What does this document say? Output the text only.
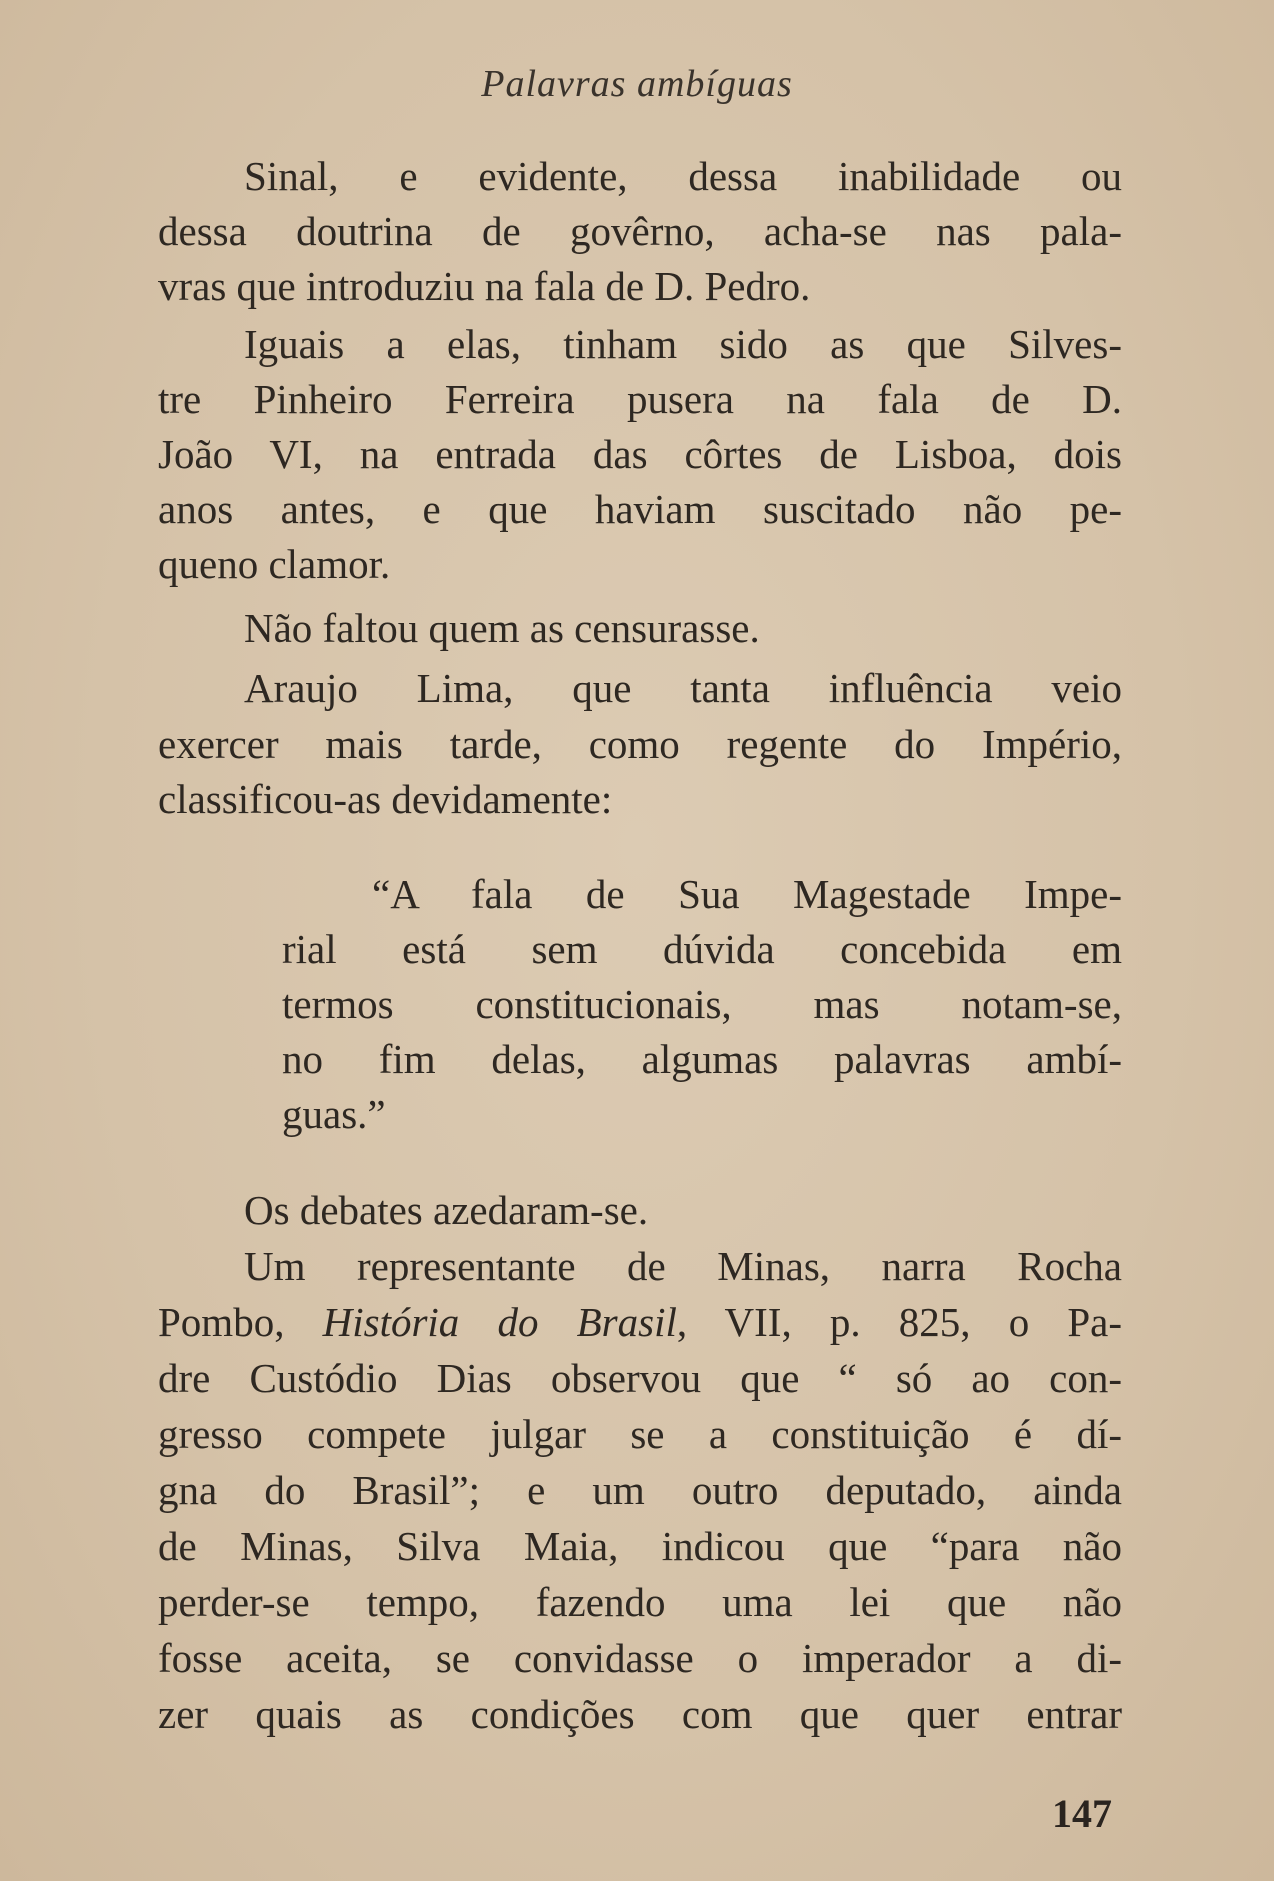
Palavras ambíguas
Sinal, e evidente, dessa inabilidade ou
dessa doutrina de govêrno, acha-se nas pala-
vras que introduziu na fala de D. Pedro.
Iguais a elas, tinham sido as que Silves-
tre Pinheiro Ferreira pusera na fala de D.
João VI, na entrada das côrtes de Lisboa, dois
anos antes, e que haviam suscitado não pe-
queno clamor.
Não faltou quem as censurasse.
Araujo Lima, que tanta influência veio
exercer mais tarde, como regente do Império,
classificou-as devidamente:
“A fala de Sua Magestade Impe-
rial está sem dúvida concebida em
termos constitucionais, mas notam-se,
no fim delas, algumas palavras ambí-
guas.”
Os debates azedaram-se.
Um representante de Minas, narra Rocha
Pombo, História do Brasil, VII, p. 825, o Pa-
dre Custódio Dias observou que “ só ao con-
gresso compete julgar se a constituição é dí-
gna do Brasil”; e um outro deputado, ainda
de Minas, Silva Maia, indicou que “para não
perder-se tempo, fazendo uma lei que não
fosse aceita, se convidasse o imperador a di-
zer quais as condições com que quer entrar
147
